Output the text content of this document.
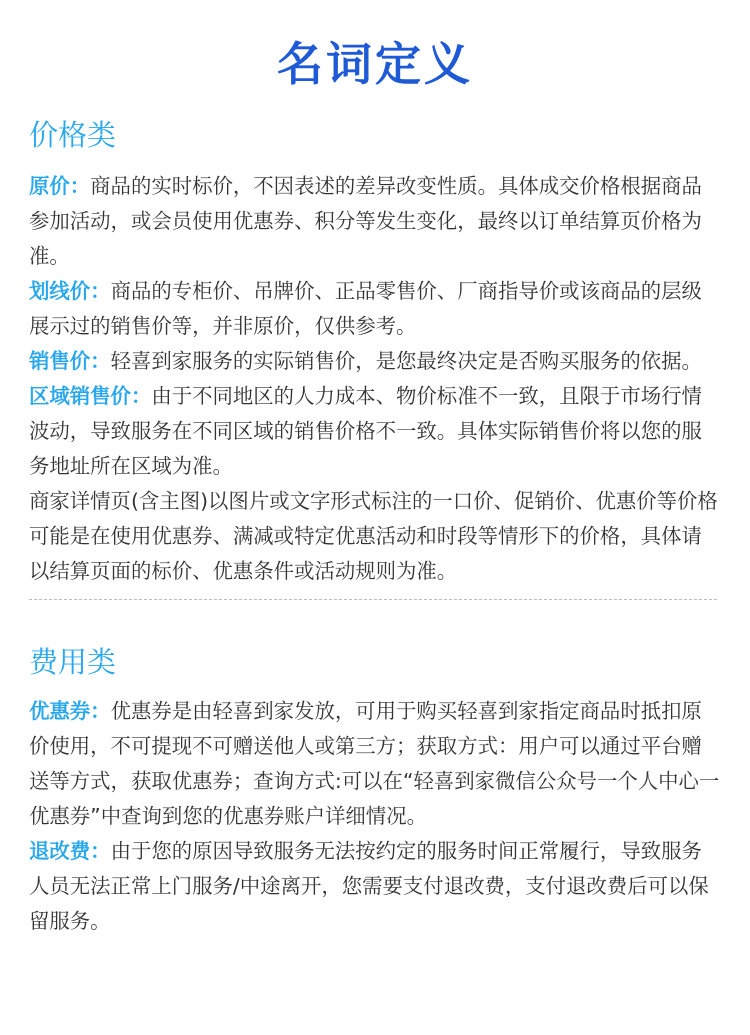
名词定义
价格类

原价：商品的实时标价，不因表述的差异改变性质。具体成交价格根据商品参加活动，或会员使用优惠券、积分等发生变化，最终以订单结算页价格为准。

划线价：商品的专柜价、吊牌价、正品零售价、厂商指导价或该商品的层级展示过的销售价等，并非原价，仅供参考。

销售价：轻喜到家服务的实际销售价，是您最终决定是否购买服务的依据。

区域销售价：由于不同地区的人力成本、物价标准不一致，且限于市场行情波动，导致服务在不同区域的销售价格不一致。具体实际销售价将以您的服务地址所在区域为准。

商家详情页(含主图)以图片或文字形式标注的一口价、促销价、优惠价等价格可能是在使用优惠券、满减或特定优惠活动和时段等情形下的价格，具体请以结算页面的标价、优惠条件或活动规则为准。

费用类

优惠券：优惠券是由轻喜到家发放，可用于购买轻喜到家指定商品时抵扣原价使用，不可提现不可赠送他人或第三方；获取方式：用户可以通过平台赠送等方式，获取优惠券；查询方式:可以在“轻喜到家微信公众号一个人中心一优惠券”中查询到您的优惠券账户详细情况。

退改费：由于您的原因导致服务无法按约定的服务时间正常履行，导致服务人员无法正常上门服务/中途离开，您需要支付退改费，支付退改费后可以保留服务。
